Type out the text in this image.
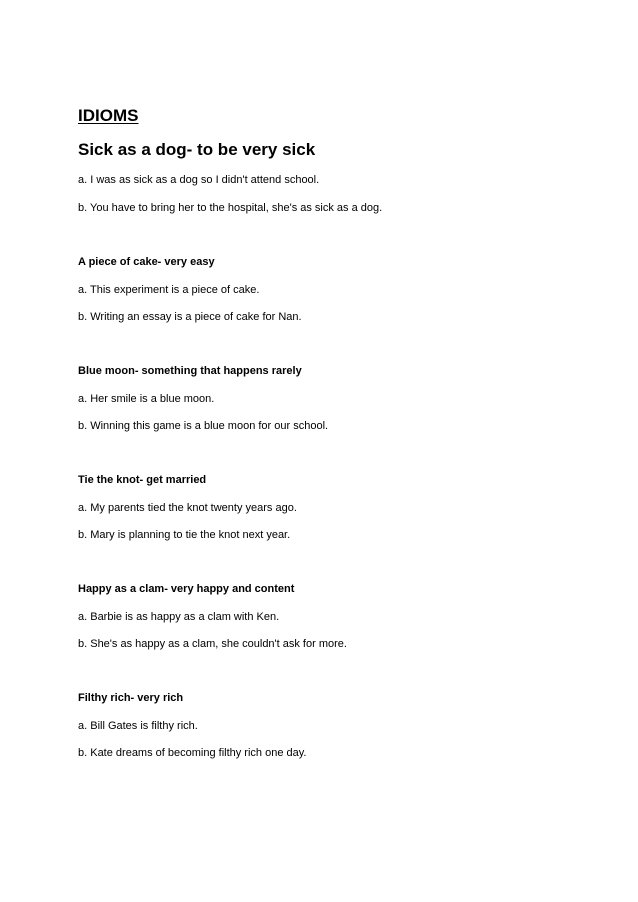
IDIOMS
Sick as a dog- to be very sick
a. I was as sick as a dog so I didn't attend school.
b. You have to bring her to the hospital, she's as sick as a dog.
A piece of cake- very easy
a. This experiment is a piece of cake.
b. Writing an essay is a piece of cake for Nan.
Blue moon- something that happens rarely
a. Her smile is a blue moon.
b. Winning this game is a blue moon for our school.
Tie the knot- get married
a. My parents tied the knot twenty years ago.
b. Mary is planning to tie the knot next year.
Happy as a clam- very happy and content
a. Barbie is as happy as a clam with Ken.
b. She's as happy as a clam, she couldn't ask for more.
Filthy rich- very rich
a. Bill Gates is filthy rich.
b. Kate dreams of becoming filthy rich one day.
